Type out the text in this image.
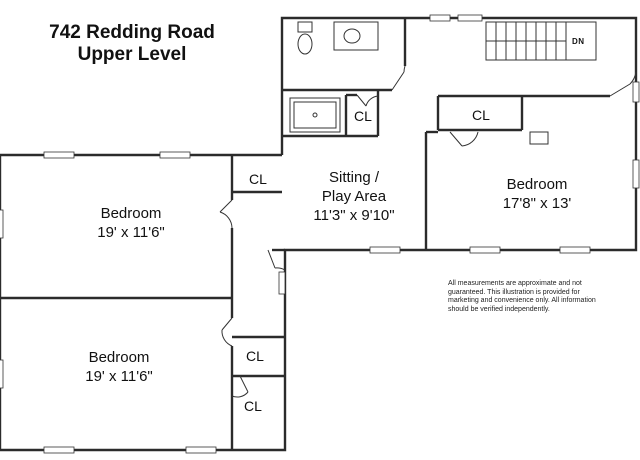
742 Redding Road
Upper Level
Bedroom
19' x 11'6"
Bedroom
19' x 11'6"
Sitting /
Play Area
11'3" x 9'10"
Bedroom
17'8" x 13'
CL
CL	CL
CL
CL
DN
All measurements are approximate and not guaranteed. This illustration is provided for marketing and convenience only. All information should be verified independently.
